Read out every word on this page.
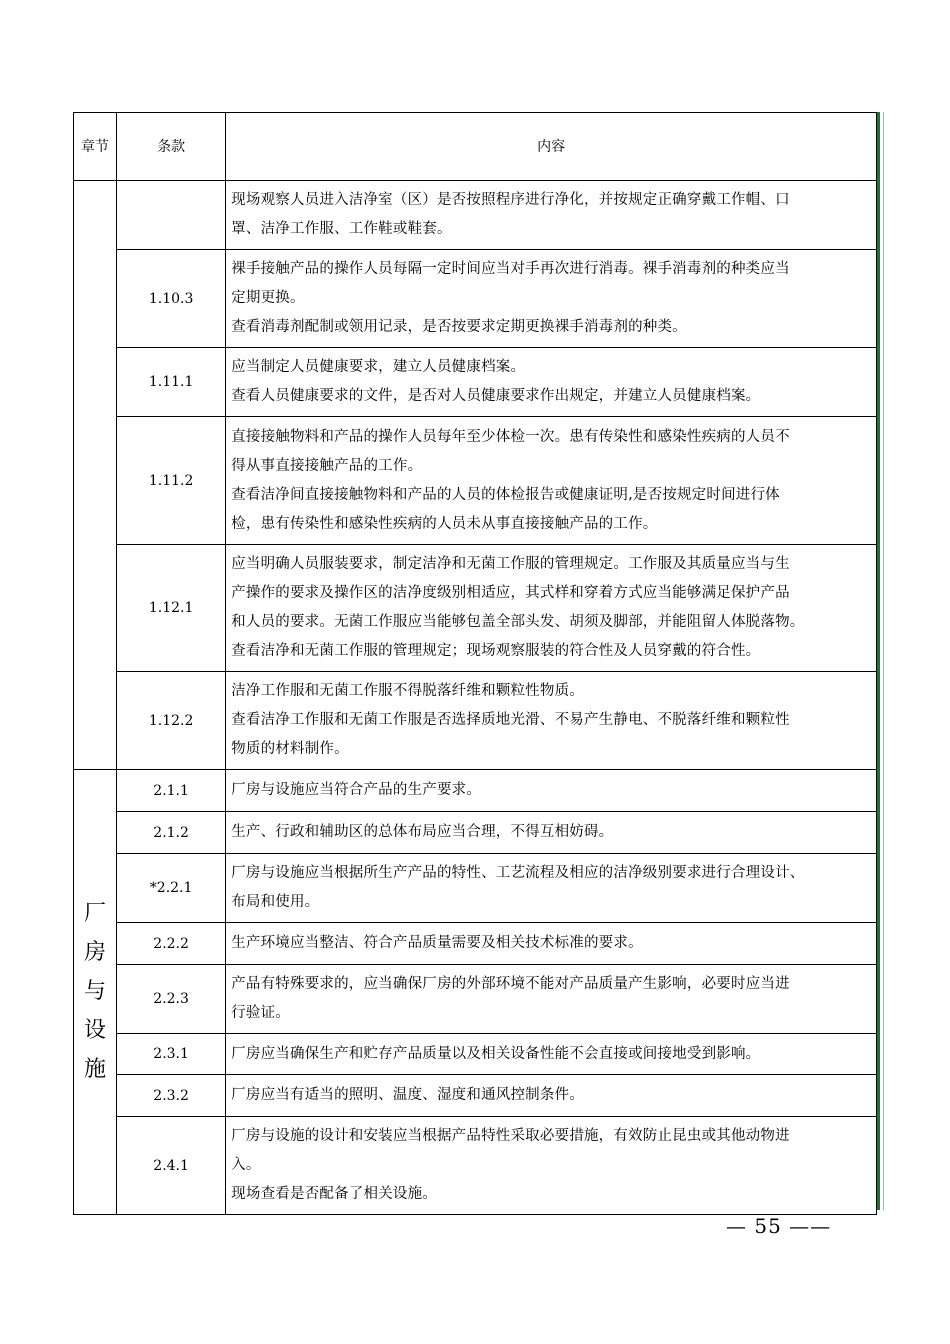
章节	条款	内容
		现场观察人员进入洁净室（区）是否按照程序进行净化，并按规定正确穿戴工作帽、口
罩、洁净工作服、工作鞋或鞋套。
	1.10.3	裸手接触产品的操作人员每隔一定时间应当对手再次进行消毒。裸手消毒剂的种类应当
定期更换。
查看消毒剂配制或领用记录，是否按要求定期更换裸手消毒剂的种类。
	1.11.1	应当制定人员健康要求，建立人员健康档案。
查看人员健康要求的文件，是否对人员健康要求作出规定，并建立人员健康档案。
	1.11.2	直接接触物料和产品的操作人员每年至少体检一次。患有传染性和感染性疾病的人员不
得从事直接接触产品的工作。
查看洁净间直接接触物料和产品的人员的体检报告或健康证明,是否按规定时间进行体
检，患有传染性和感染性疾病的人员未从事直接接触产品的工作。
	1.12.1	应当明确人员服装要求，制定洁净和无菌工作服的管理规定。工作服及其质量应当与生
产操作的要求及操作区的洁净度级别相适应，其式样和穿着方式应当能够满足保护产品
和人员的要求。无菌工作服应当能够包盖全部头发、胡须及脚部，并能阻留人体脱落物。
查看洁净和无菌工作服的管理规定；现场观察服装的符合性及人员穿戴的符合性。
	1.12.2	洁净工作服和无菌工作服不得脱落纤维和颗粒性物质。
查看洁净工作服和无菌工作服是否选择质地光滑、不易产生静电、不脱落纤维和颗粒性
物质的材料制作。
厂房与设施	2.1.1	厂房与设施应当符合产品的生产要求。
	2.1.2	生产、行政和辅助区的总体布局应当合理，不得互相妨碍。
	*2.2.1	厂房与设施应当根据所生产产品的特性、工艺流程及相应的洁净级别要求进行合理设计、
布局和使用。
	2.2.2	生产环境应当整洁、符合产品质量需要及相关技术标准的要求。
	2.2.3	产品有特殊要求的，应当确保厂房的外部环境不能对产品质量产生影响，必要时应当进
行验证。
	2.3.1	厂房应当确保生产和贮存产品质量以及相关设备性能不会直接或间接地受到影响。
	2.3.2	厂房应当有适当的照明、温度、湿度和通风控制条件。
	2.4.1	厂房与设施的设计和安装应当根据产品特性采取必要措施，有效防止昆虫或其他动物进
入。
现场查看是否配备了相关设施。
— 55 ——
